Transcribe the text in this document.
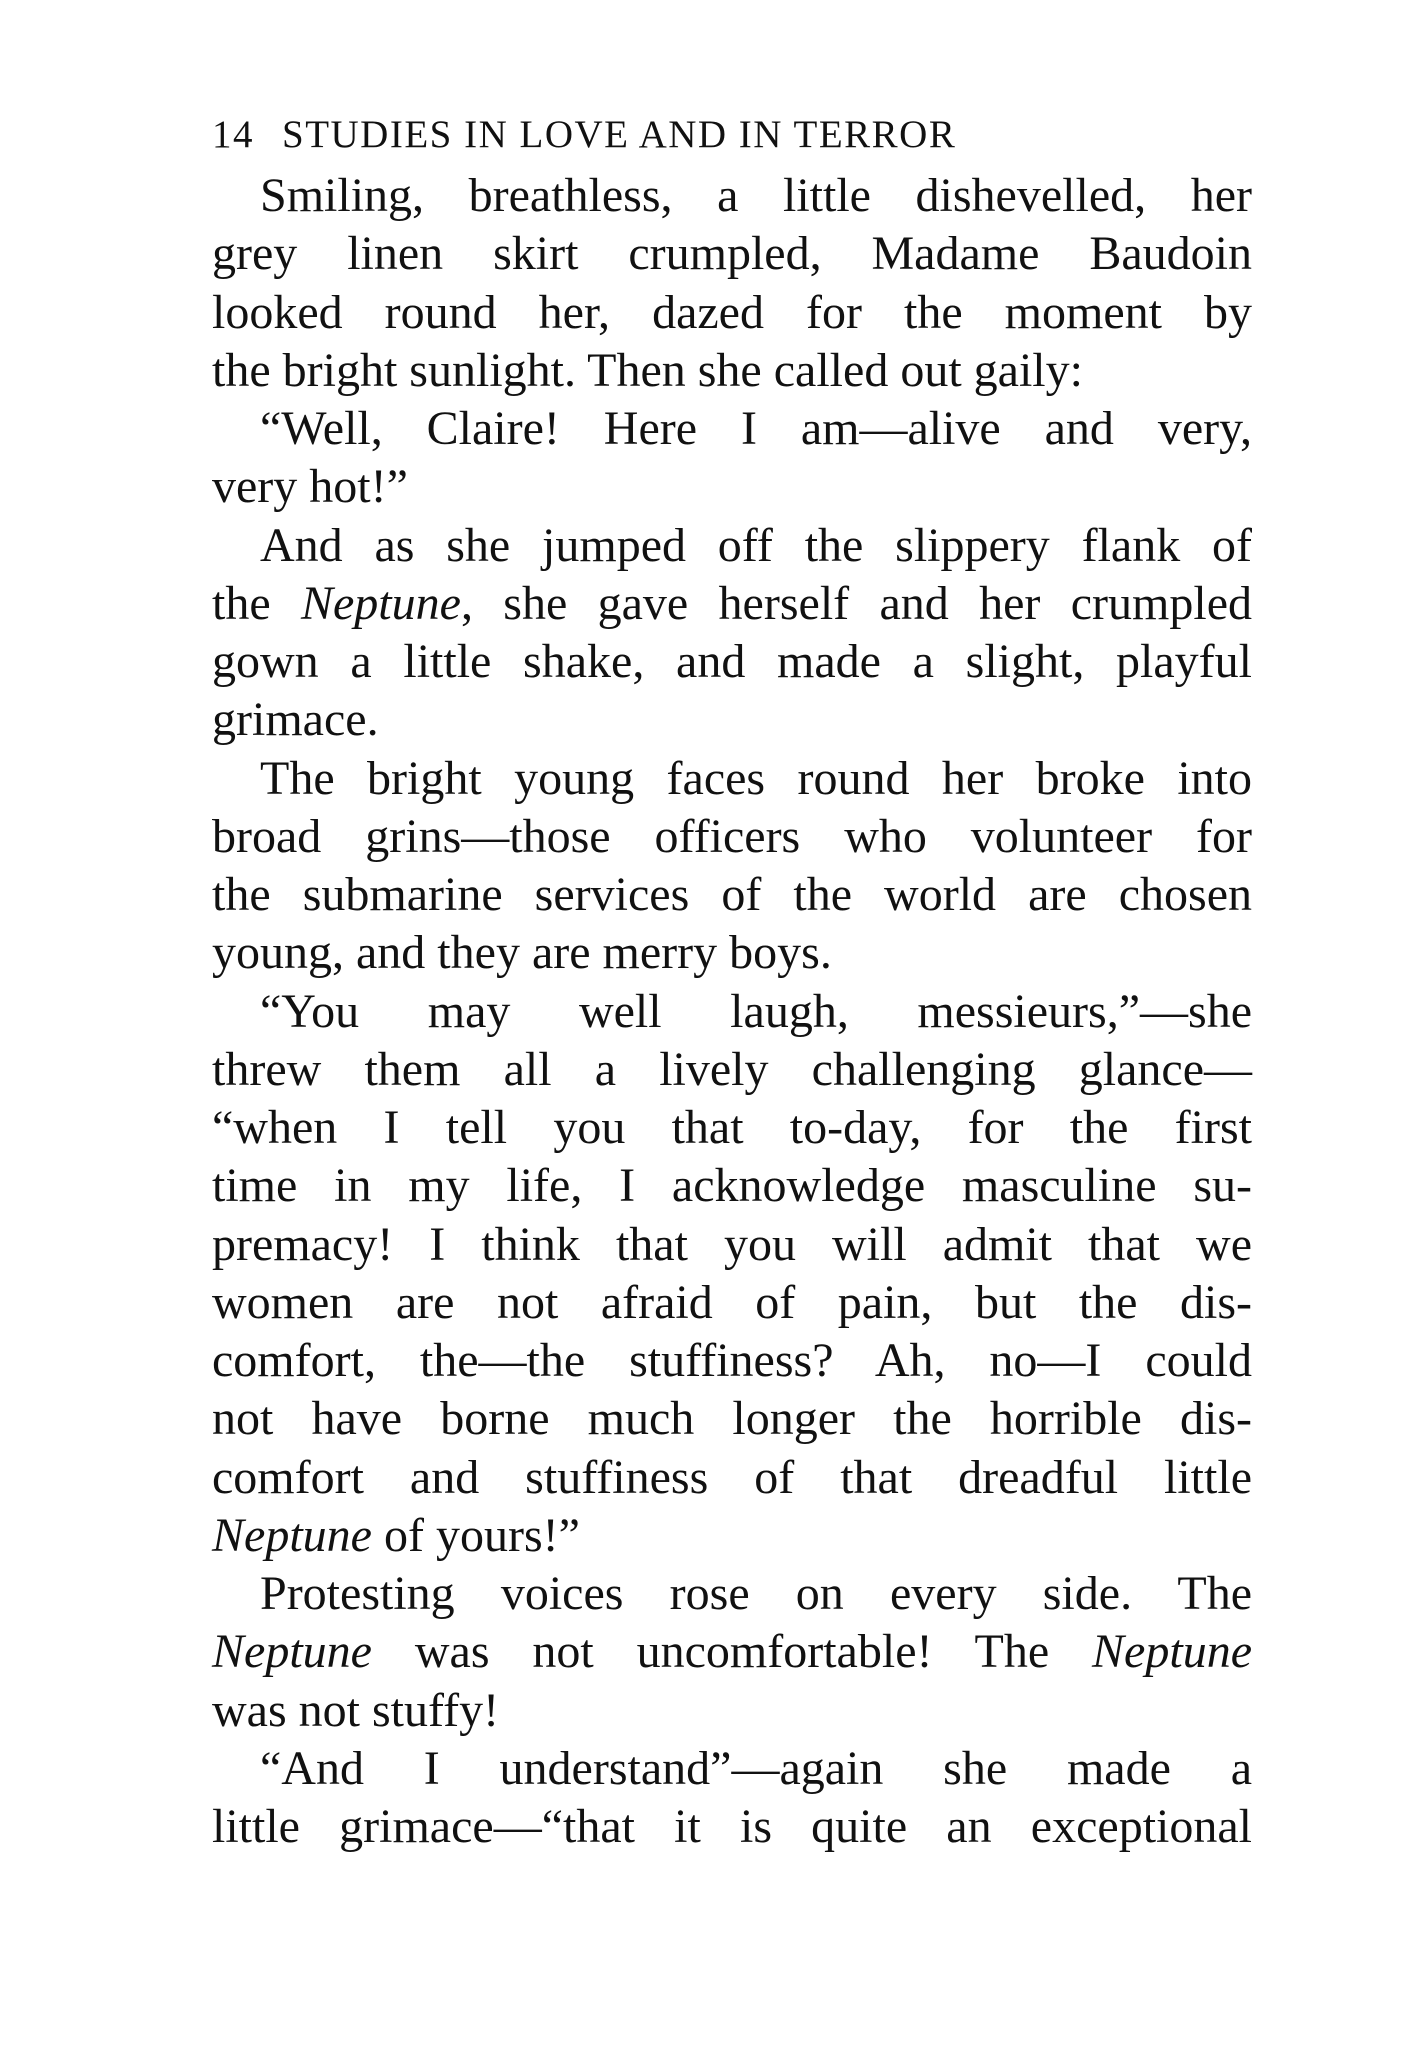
14 STUDIES IN LOVE AND IN TERROR
Smiling, breathless, a little dishevelled, her
grey linen skirt crumpled, Madame Baudoin
looked round her, dazed for the moment by
the bright sunlight. Then she called out gaily:
“Well, Claire! Here I am—alive and very,
very hot!”
And as she jumped off the slippery flank of
the Neptune, she gave herself and her crumpled
gown a little shake, and made a slight, playful
grimace.
The bright young faces round her broke into
broad grins—those officers who volunteer for
the submarine services of the world are chosen
young, and they are merry boys.
“You may well laugh, messieurs,”—she
threw them all a lively challenging glance—
“when I tell you that to-day, for the first
time in my life, I acknowledge masculine su-
premacy! I think that you will admit that we
women are not afraid of pain, but the dis-
comfort, the—the stuffiness? Ah, no—I could
not have borne much longer the horrible dis-
comfort and stuffiness of that dreadful little
Neptune of yours!”
Protesting voices rose on every side. The
Neptune was not uncomfortable! The Neptune
was not stuffy!
“And I understand”—again she made a
little grimace—“that it is quite an exceptional
